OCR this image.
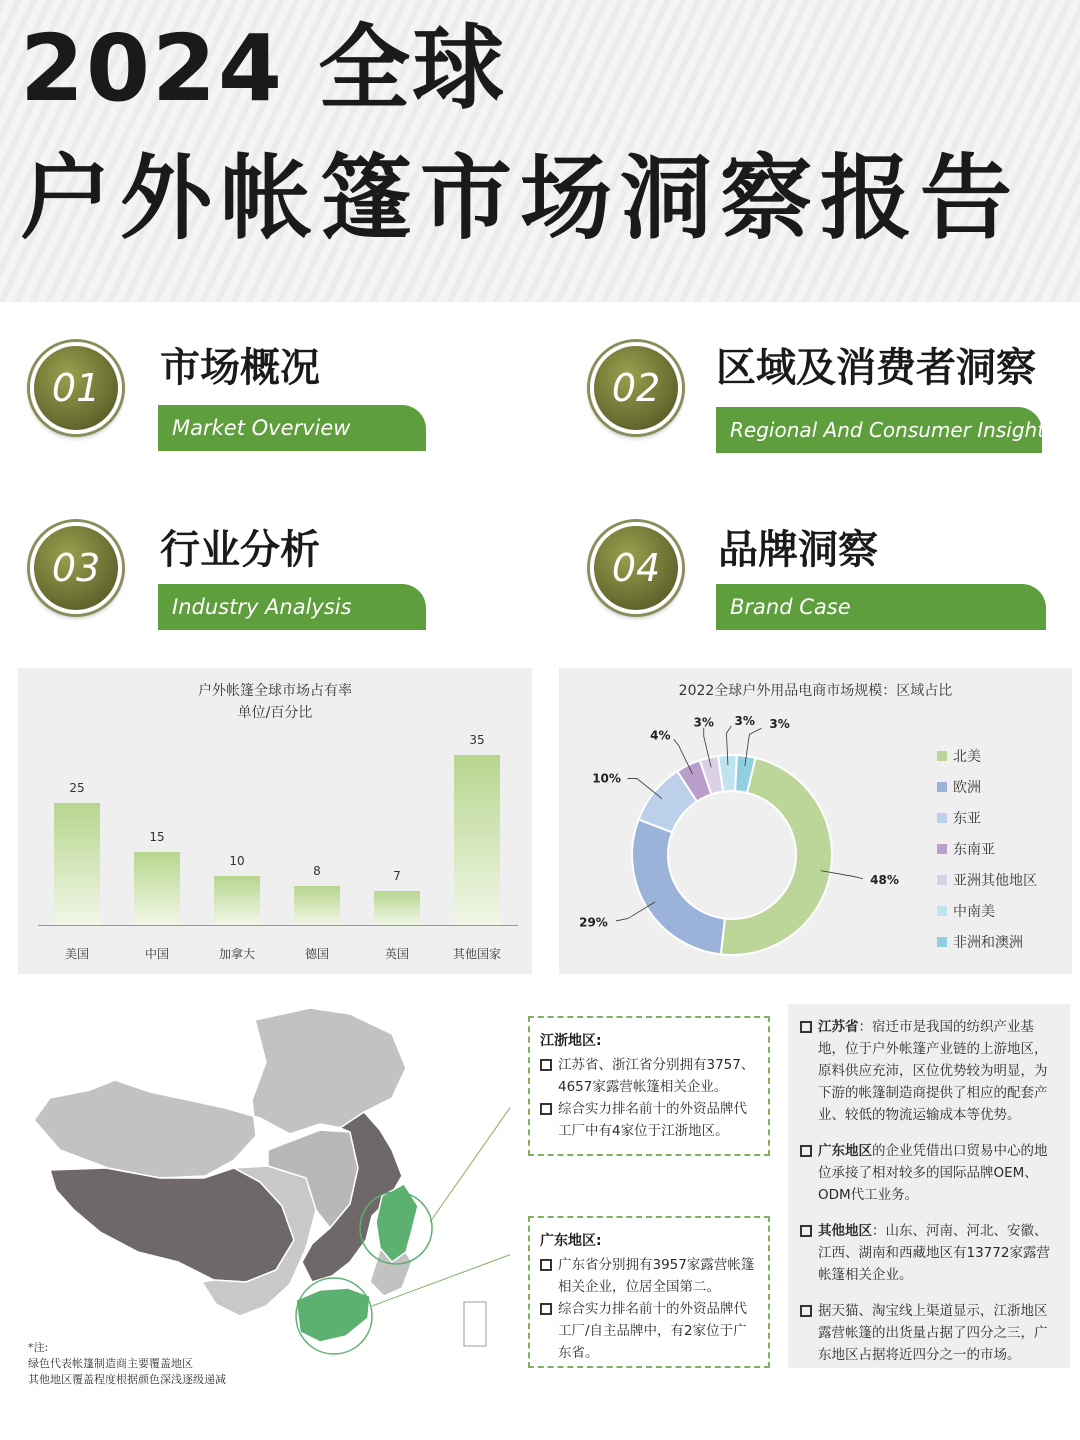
2024 全球
户外帐篷市场洞察报告
01 市场概况
Market Overview
02 区域及消费者洞察
Regional And Consumer Insight
03 行业分析
Industry Analysis
04 品牌洞察
Brand Case
户外帐篷全球市场占有率
单位/百分比
25
美国
15
中国
10
加拿大
8
德国
7
英国
35
其他国家
2022全球户外用品电商市场规模：区域占比
48%
29%
10%
4%
3% 3% 3%
北美
欧洲
东亚
东南亚
亚洲其他地区
中南美
非洲和澳洲
*注:
绿色代表帐篷制造商主要覆盖地区
其他地区覆盖程度根据颜色深浅逐级递减
江浙地区:
江苏省、浙江省分别拥有3757、4657家露营帐篷相关企业。
综合实力排名前十的外资品牌代工厂中有4家位于江浙地区。
广东地区:
广东省分别拥有3957家露营帐篷相关企业，位居全国第二。
综合实力排名前十的外资品牌代工厂/自主品牌中，有2家位于广东省。
江苏省：宿迁市是我国的纺织产业基地，位于户外帐篷产业链的上游地区，原料供应充沛，区位优势较为明显，为下游的帐篷制造商提供了相应的配套产业、较低的物流运输成本等优势。
广东地区的企业凭借出口贸易中心的地位承接了相对较多的国际品牌OEM、ODM代工业务。
其他地区：山东、河南、河北、安徽、江西、湖南和西藏地区有13772家露营帐篷相关企业。
据天猫、淘宝线上渠道显示，江浙地区露营帐篷的出货量占据了四分之三，广东地区占据将近四分之一的市场。
